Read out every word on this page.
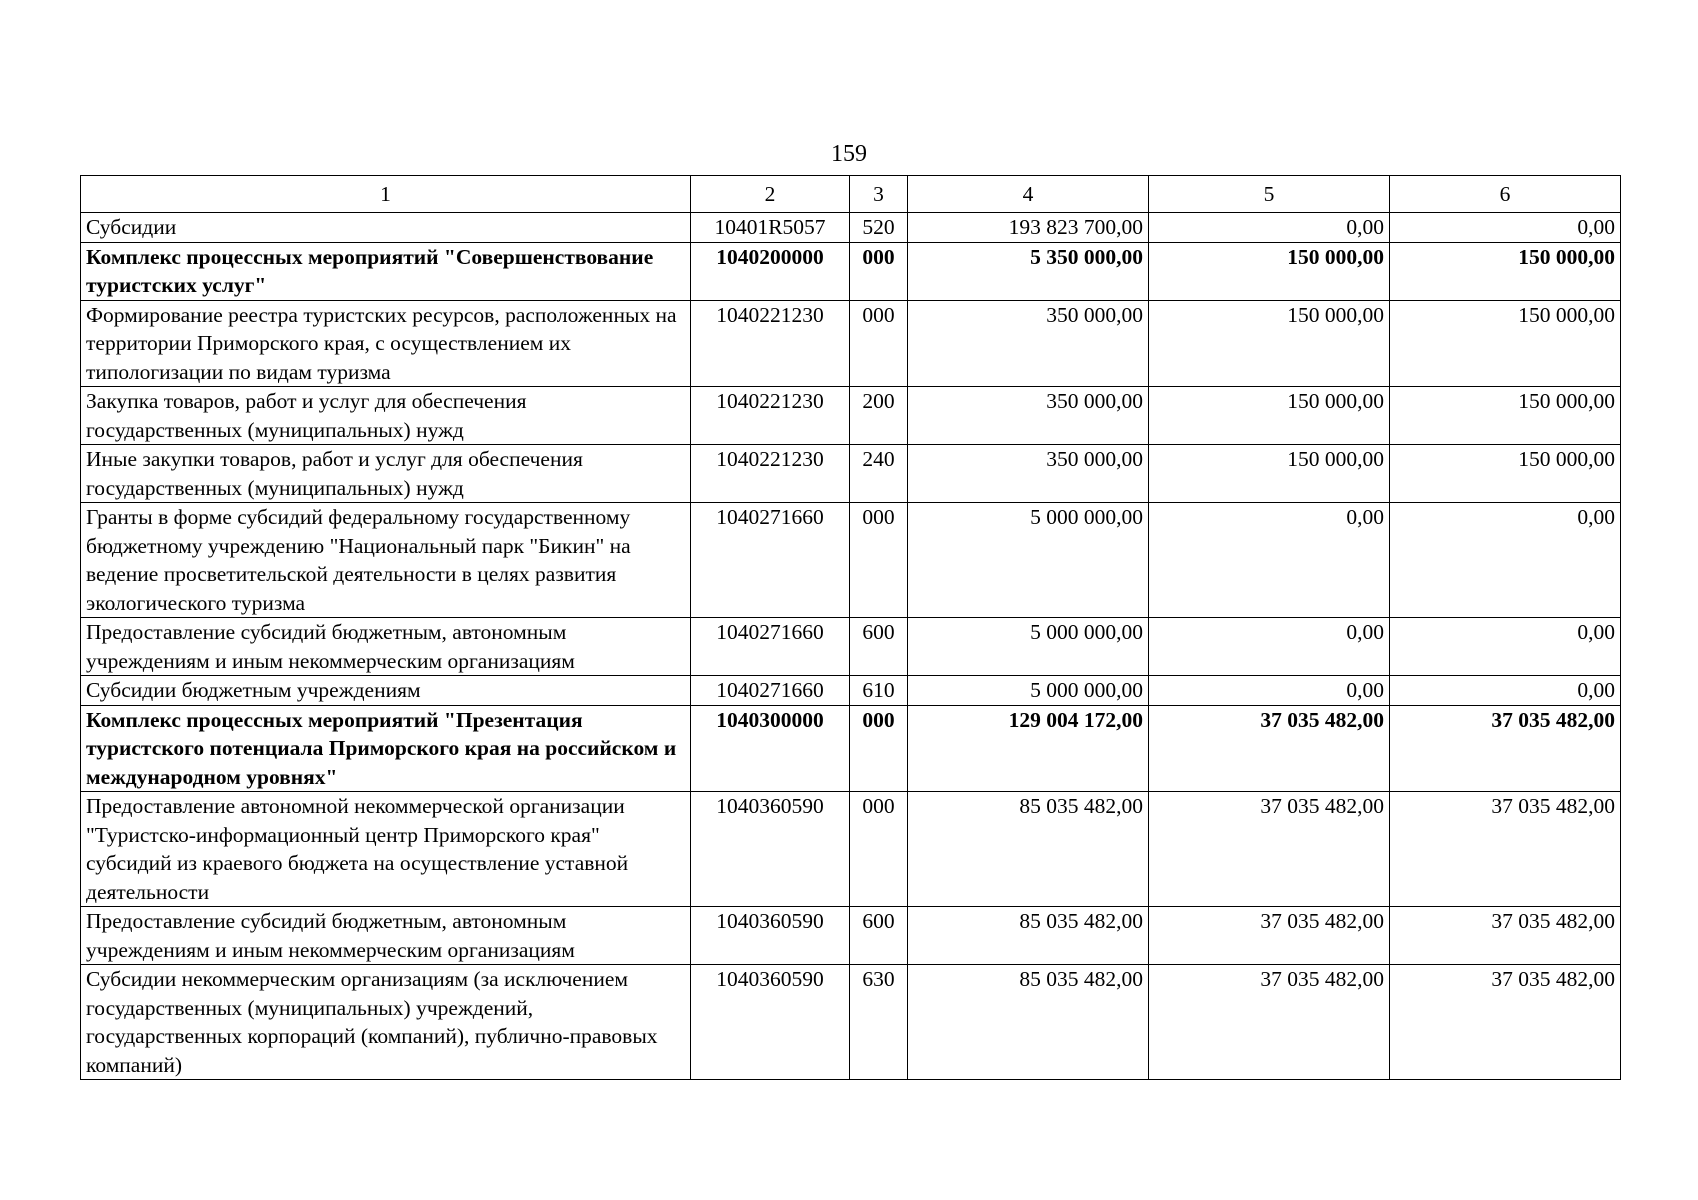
159
1	2	3	4	5	6
Субсидии	10401R5057	520	193 823 700,00	0,00	0,00
Комплекс процессных мероприятий "Совершенствование туристских услуг"	1040200000	000	5 350 000,00	150 000,00	150 000,00
Формирование реестра туристских ресурсов, расположенных на территории Приморского края, с осуществлением их типологизации по видам туризма	1040221230	000	350 000,00	150 000,00	150 000,00
Закупка товаров, работ и услуг для обеспечения государственных (муниципальных) нужд	1040221230	200	350 000,00	150 000,00	150 000,00
Иные закупки товаров, работ и услуг для обеспечения государственных (муниципальных) нужд	1040221230	240	350 000,00	150 000,00	150 000,00
Гранты в форме субсидий федеральному государственному бюджетному учреждению "Национальный парк "Бикин" на ведение просветительской деятельности в целях развития экологического туризма	1040271660	000	5 000 000,00	0,00	0,00
Предоставление субсидий бюджетным, автономным учреждениям и иным некоммерческим организациям	1040271660	600	5 000 000,00	0,00	0,00
Субсидии бюджетным учреждениям	1040271660	610	5 000 000,00	0,00	0,00
Комплекс процессных мероприятий "Презентация туристского потенциала Приморского края на российском и международном уровнях"	1040300000	000	129 004 172,00	37 035 482,00	37 035 482,00
Предоставление автономной некоммерческой организации "Туристско-информационный центр Приморского края" субсидий из краевого бюджета на осуществление уставной деятельности	1040360590	000	85 035 482,00	37 035 482,00	37 035 482,00
Предоставление субсидий бюджетным, автономным учреждениям и иным некоммерческим организациям	1040360590	600	85 035 482,00	37 035 482,00	37 035 482,00
Субсидии некоммерческим организациям (за исключением государственных (муниципальных) учреждений, государственных корпораций (компаний), публично-правовых компаний)	1040360590	630	85 035 482,00	37 035 482,00	37 035 482,00
